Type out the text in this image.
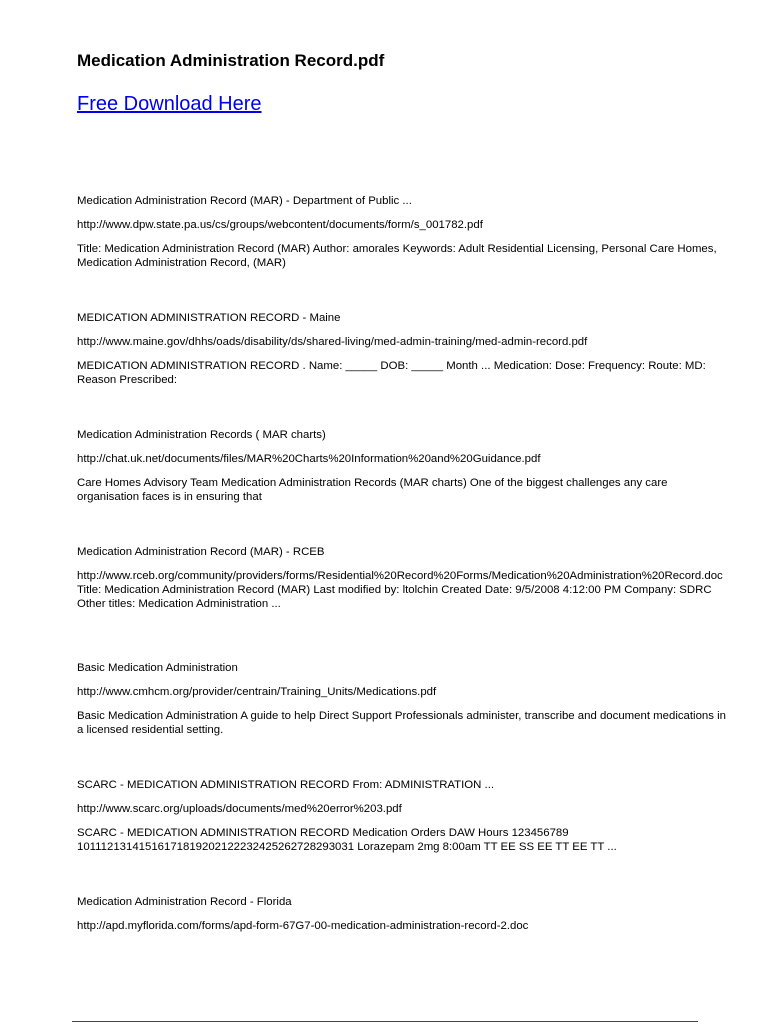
Medication Administration Record.pdf
Free Download Here
Medication Administration Record (MAR) - Department of Public ...
http://www.dpw.state.pa.us/cs/groups/webcontent/documents/form/s_001782.pdf
Title: Medication Administration Record (MAR) Author: amorales Keywords: Adult Residential Licensing, Personal Care Homes, Medication Administration Record, (MAR)
MEDICATION ADMINISTRATION RECORD - Maine
http://www.maine.gov/dhhs/oads/disability/ds/shared-living/med-admin-training/med-admin-record.pdf
MEDICATION ADMINISTRATION RECORD . Name: _____ DOB: _____ Month ... Medication: Dose: Frequency: Route: MD: Reason Prescribed:
Medication Administration Records ( MAR charts)
http://chat.uk.net/documents/files/MAR%20Charts%20Information%20and%20Guidance.pdf
Care Homes Advisory Team Medication Administration Records (MAR charts) One of the biggest challenges any care organisation faces is in ensuring that
Medication Administration Record (MAR) - RCEB
http://www.rceb.org/community/providers/forms/Residential%20Record%20Forms/Medication%20Administration%20Record.doc
Title: Medication Administration Record (MAR) Last modified by: ltolchin Created Date: 9/5/2008 4:12:00 PM Company: SDRC Other titles: Medication Administration ...
Basic Medication Administration
http://www.cmhcm.org/provider/centrain/Training_Units/Medications.pdf
Basic Medication Administration A guide to help Direct Support Professionals administer, transcribe and document medications in a licensed residential setting.
SCARC - MEDICATION ADMINISTRATION RECORD From: ADMINISTRATION ...
http://www.scarc.org/uploads/documents/med%20error%203.pdf
SCARC - MEDICATION ADMINISTRATION RECORD Medication Orders DAW Hours 123456789 10111213141516171819202122232425262728293031 Lorazepam 2mg 8:00am TT EE SS EE TT EE TT ...
Medication Administration Record - Florida
http://apd.myflorida.com/forms/apd-form-67G7-00-medication-administration-record-2.doc
